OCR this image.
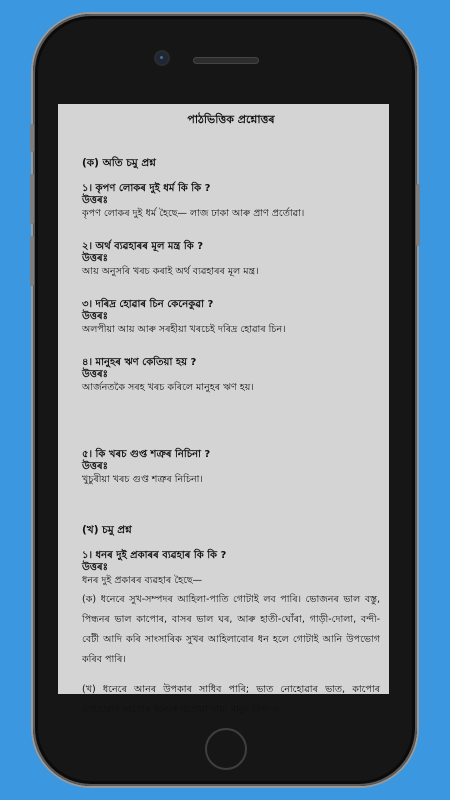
পাঠভিত্তিক প্ৰশ্নোত্তৰ

(ক) অতি চমু প্ৰশ্ন

১। কৃপণ লোকৰ দুই ধৰ্ম কি কি ?

উত্তৰঃ

কৃপণ লোকৰ দুই ধৰ্ম হৈছে— লাজ ঢাকা আৰু প্ৰাণ প্ৰৰ্তোৱা।

২। অৰ্থ ব্যৱহাৰৰ মূল মন্ত্ৰ কি ?

উত্তৰঃ

আয় অনুসৰি খৰচ কৰাই অৰ্থ ব্যৱহাৰৰ মূল মন্ত্ৰ।

৩। দৰিদ্ৰ হোৱাৰ চিন কেনেকুৱা ?

উত্তৰঃ

অলপীয়া আয় আৰু সৰহীয়া খৰচেই দৰিদ্ৰ হোৱাৰ চিন।

৪। মানুহৰ ঋণ কেতিয়া হয় ?

উত্তৰঃ

আৰ্জনতকৈ সৰহ খৰচ কৰিলে মানুহৰ ঋণ হয়।

৫। কি খৰচ গুপ্ত শত্ৰুৰ নিচিনা ?

উত্তৰঃ

খুচুৰীয়া খৰচ গুপ্ত শত্ৰুৰ নিচিনা।

(খ) চমু প্ৰশ্ন

১। ধনৰ দুই প্ৰকাৰৰ ব্যৱহাৰ কি কি ?

উত্তৰঃ

ধনৰ দুই প্ৰকাৰৰ ব্যৱহাৰ হৈছে—

(ক) ধনেৰে সুখ-সম্পদৰ আহিলা-পাতি গোটাই লব পাৰি। ভোজনৰ ভাল বস্তু, পিন্ধনৰ ভাল কাপোৰ, বাসৰ ভাল ঘৰ, আৰু হাতী-ঘোঁৰা, গাড়ী-দোলা, বন্দী-বেটী আদি কৰি সাংসাৰিক সুখৰ আহিলাবোৰ ধন হলে গোটাই আনি উপভোগ কৰিব পাৰি।

(খ) ধনেৰে আনৰ উপকাৰ সাধিব পাৰি; ভাত নোহোৱাৰ ভাত, কাপোৰ নোহোৱাৰ কাপোৰ ধনেৰে যতোৱা যায়, মানুহ বিপদত
